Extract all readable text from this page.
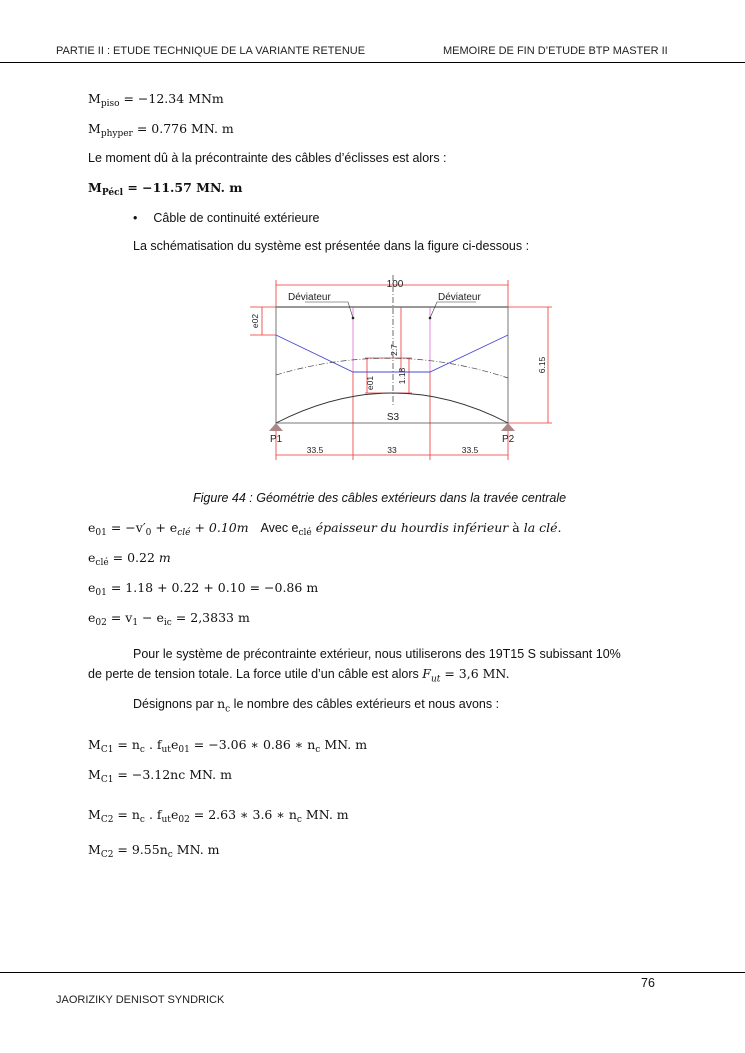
PARTIE II : ETUDE TECHNIQUE DE LA VARIANTE RETENUE	MEMOIRE DE FIN D’ETUDE BTP MASTER II
$M_{piso} = -12.34$ MNm
$M_{phyper} = 0.776$ MN. m
Le moment dû à la précontrainte des câbles d’éclisses est alors :
$M_{Pécl} = -11.57$ MN. m
• Câble de continuité extérieure
La schématisation du système est présentée dans la figure ci-dessous :
100
Déviateur	Déviateur
S3
P1	P2
33.5	33	33.5
e02
e01
2.7
1.18
6.15
Figure 44 : Géométrie des câbles extérieurs dans la travée centrale
$e_{01} = -v'_0 + e_{clé} + 0.10m$ Avec $e_{clé}$ épaisseur du hourdis inférieur à la clé.
$e_{clé} = 0.22$ m
$e_{01} = 1.18 + 0.22 + 0.10 = -0.86$ m
$e_{02} = v_1 - e_{ic} = 2,3833$ m
Pour le système de précontrainte extérieur, nous utiliserons des 19T15 S subissant 10%
de perte de tension totale. La force utile d’un câble est alors $F_{ut} = 3,6$ MN.
Désignons par $n_c$ le nombre des câbles extérieurs et nous avons :
$M_{C1} = n_c$ . $f_{ut}e_{01} = -3.06$ ∗ 0.86 ∗ $n_c$ MN. m
$M_{C1} = -3.12nc$ MN. m
$M_{C2} = n_c$ . $f_{ut}e_{02} = 2.63$ ∗ 3.6 ∗ $n_c$ MN. m
$M_{C2} = 9.55n_c$ MN. m
76
JAORIZIKY DENISOT SYNDRICK
